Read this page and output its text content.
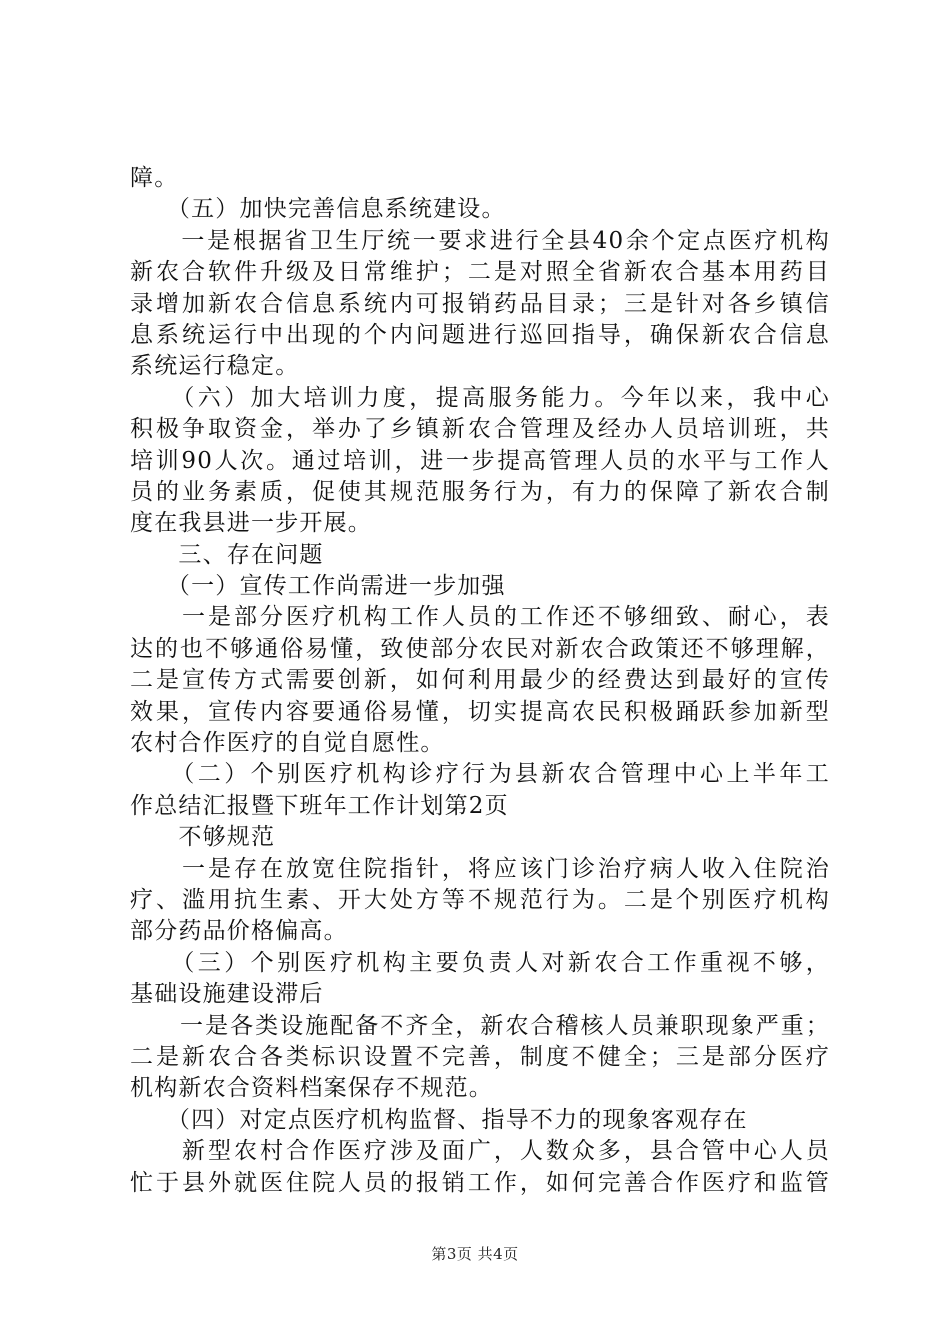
障。
　　（五）加快完善信息系统建设。
　　一是根据省卫生厅统一要求进行全县40余个定点医疗机构
新农合软件升级及日常维护；二是对照全省新农合基本用药目
录增加新农合信息系统内可报销药品目录；三是针对各乡镇信
息系统运行中出现的个内问题进行巡回指导，确保新农合信息
系统运行稳定。
　　（六）加大培训力度，提高服务能力。今年以来，我中心
积极争取资金，举办了乡镇新农合管理及经办人员培训班，共
培训90人次。通过培训，进一步提高管理人员的水平与工作人
员的业务素质，促使其规范服务行为，有力的保障了新农合制
度在我县进一步开展。
　　三、存在问题
　　（一）宣传工作尚需进一步加强
　　一是部分医疗机构工作人员的工作还不够细致、耐心，表
达的也不够通俗易懂，致使部分农民对新农合政策还不够理解，
二是宣传方式需要创新，如何利用最少的经费达到最好的宣传
效果，宣传内容要通俗易懂，切实提高农民积极踊跃参加新型
农村合作医疗的自觉自愿性。
　　（二）个别医疗机构诊疗行为县新农合管理中心上半年工
作总结汇报暨下班年工作计划第2页
　　不够规范
　　一是存在放宽住院指针，将应该门诊治疗病人收入住院治
疗、滥用抗生素、开大处方等不规范行为。二是个别医疗机构
部分药品价格偏高。
　　（三）个别医疗机构主要负责人对新农合工作重视不够，
基础设施建设滞后
　　一是各类设施配备不齐全，新农合稽核人员兼职现象严重；
二是新农合各类标识设置不完善，制度不健全；三是部分医疗
机构新农合资料档案保存不规范。
　　（四）对定点医疗机构监督、指导不力的现象客观存在
　　新型农村合作医疗涉及面广，人数众多，县合管中心人员
忙于县外就医住院人员的报销工作，如何完善合作医疗和监管
第3页 共4页
